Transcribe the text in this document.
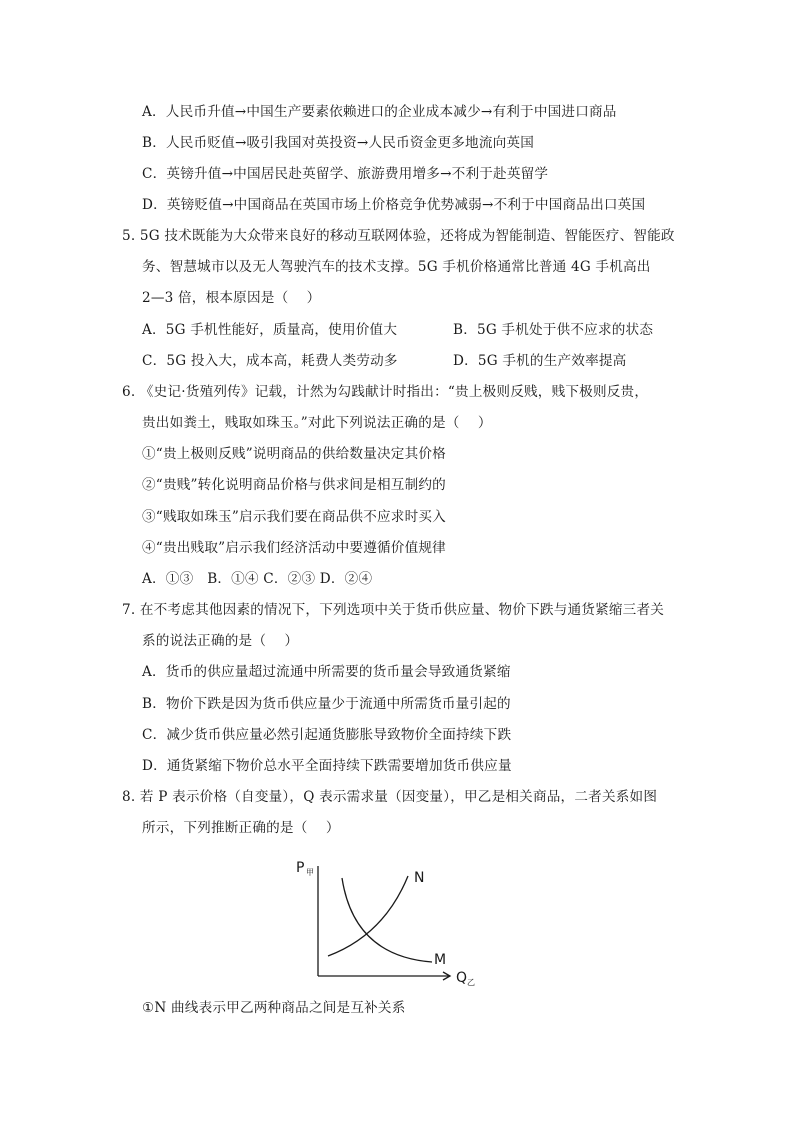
A．人民币升值→中国生产要素依赖进口的企业成本减少→有利于中国进口商品
B．人民币贬值→吸引我国对英投资→人民币资金更多地流向英国
C．英镑升值→中国居民赴英留学、旅游费用增多→不利于赴英留学
D．英镑贬值→中国商品在英国市场上价格竞争优势减弱→不利于中国商品出口英国
5. 5G 技术既能为大众带来良好的移动互联网体验，还将成为智能制造、智能医疗、智能政
务、智慧城市以及无人驾驶汽车的技术支撑。5G 手机价格通常比普通 4G 手机高出
2—3 倍，根本原因是（　 ）
A．5G 手机性能好，质量高，使用价值大	B．5G 手机处于供不应求的状态
C．5G 投入大，成本高，耗费人类劳动多	D．5G 手机的生产效率提高
6. 《史记·货殖列传》记载，计然为勾践献计时指出：“贵上极则反贱，贱下极则反贵，
贵出如粪土，贱取如珠玉。”对此下列说法正确的是（　 ）
①“贵上极则反贱”说明商品的供给数量决定其价格
②“贵贱”转化说明商品价格与供求间是相互制约的
③“贱取如珠玉”启示我们要在商品供不应求时买入
④“贵出贱取”启示我们经济活动中要遵循价值规律
A．①③　B．①④ C．②③ D．②④
7. 在不考虑其他因素的情况下，下列选项中关于货币供应量、物价下跌与通货紧缩三者关
系的说法正确的是（　 ）
A．货币的供应量超过流通中所需要的货币量会导致通货紧缩
B．物价下跌是因为货币供应量少于流通中所需货币量引起的
C．减少货币供应量必然引起通货膨胀导致物价全面持续下跌
D．通货紧缩下物价总水平全面持续下跌需要增加货币供应量
8. 若 P 表示价格（自变量），Q 表示需求量（因变量），甲乙是相关商品，二者关系如图
所示，下列推断正确的是（　 ）
P 甲
Q 乙
N
M
①N 曲线表示甲乙两种商品之间是互补关系
